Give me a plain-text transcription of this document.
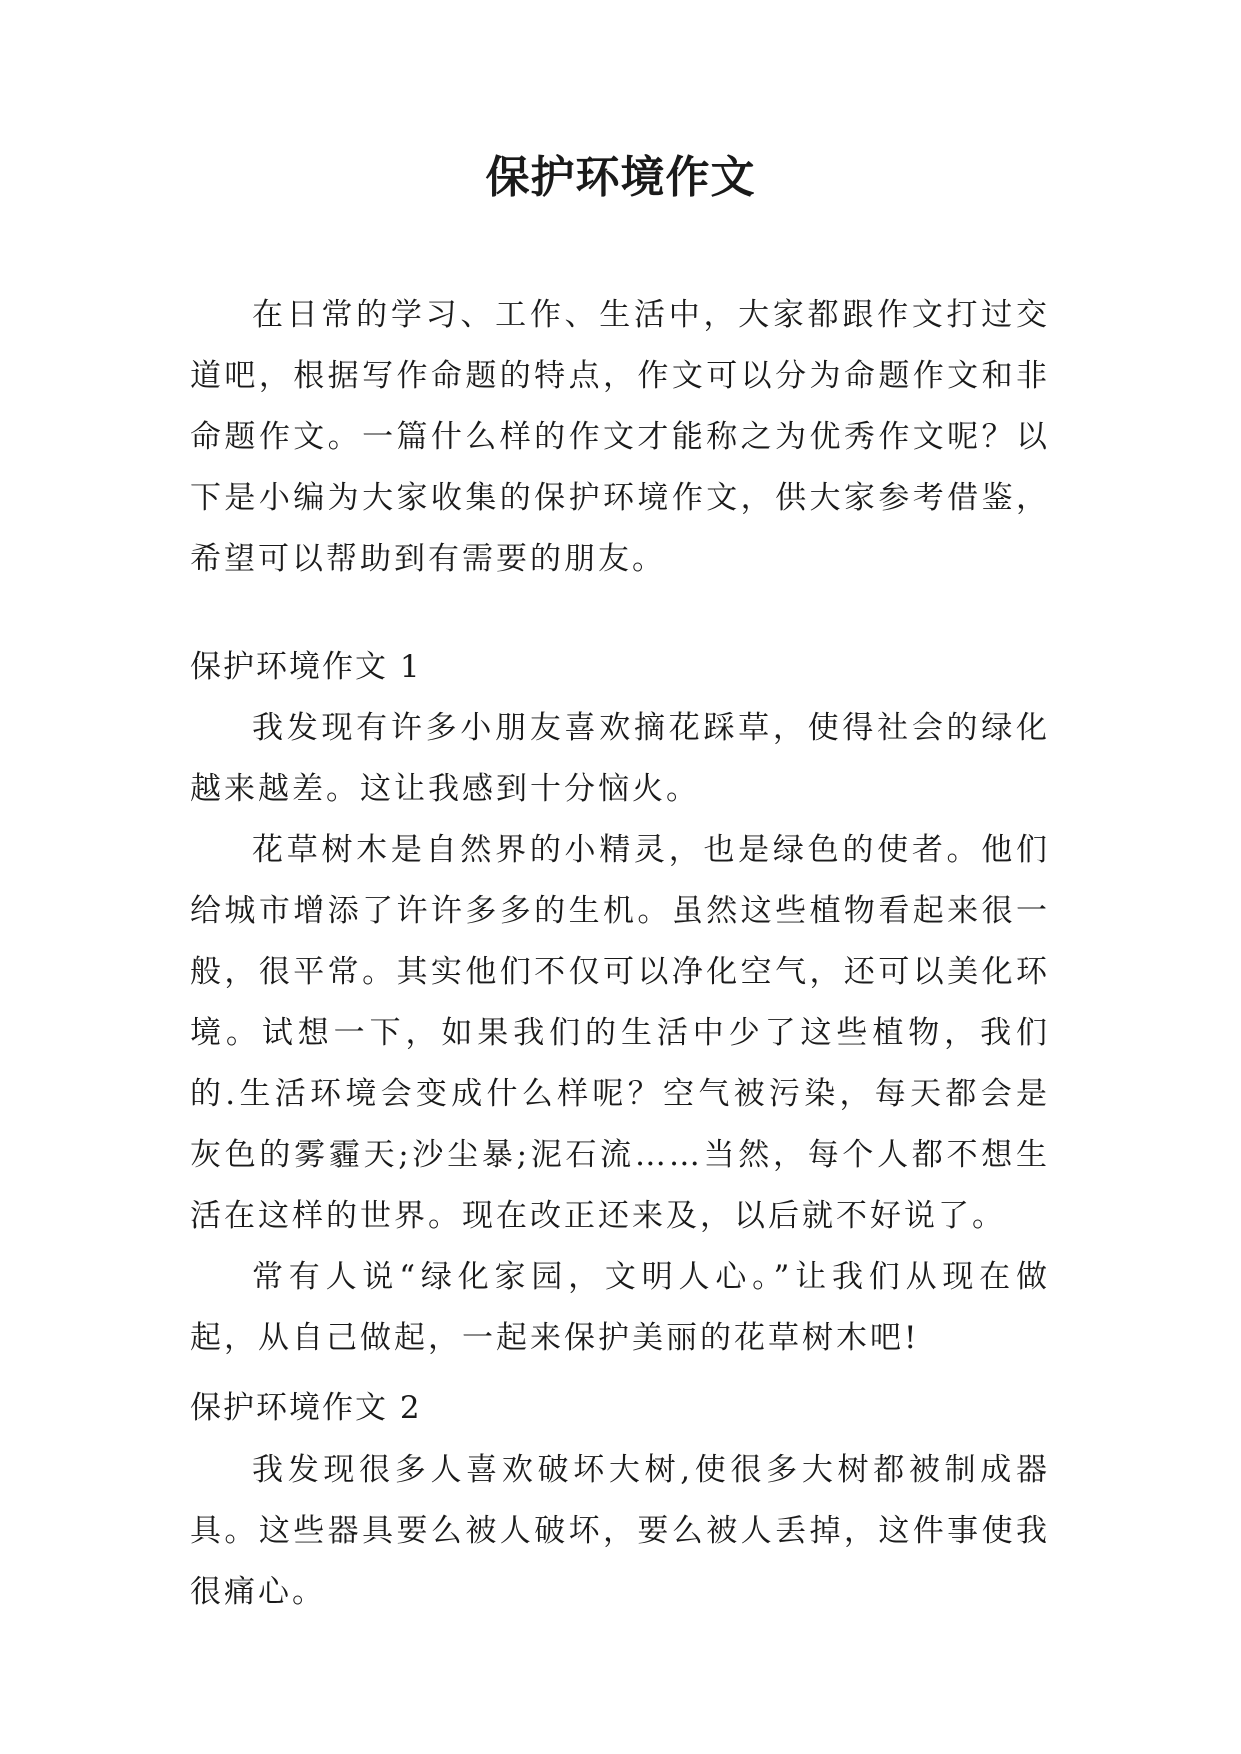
保护环境作文

在日常的学习、工作、生活中，大家都跟作文打过交道吧，根据写作命题的特点，作文可以分为命题作文和非命题作文。一篇什么样的作文才能称之为优秀作文呢？以下是小编为大家收集的保护环境作文，供大家参考借鉴，希望可以帮助到有需要的朋友。

保护环境作文 1

我发现有许多小朋友喜欢摘花踩草，使得社会的绿化越来越差。这让我感到十分恼火。

花草树木是自然界的小精灵，也是绿色的使者。他们给城市增添了许许多多的生机。虽然这些植物看起来很一般，很平常。其实他们不仅可以净化空气，还可以美化环境。试想一下，如果我们的生活中少了这些植物，我们的.生活环境会变成什么样呢？空气被污染，每天都会是灰色的雾霾天;沙尘暴;泥石流……当然，每个人都不想生活在这样的世界。现在改正还来及，以后就不好说了。

常有人说“绿化家园，文明人心。”让我们从现在做起，从自己做起，一起来保护美丽的花草树木吧!

保护环境作文 2

我发现很多人喜欢破坏大树,使很多大树都被制成器具。这些器具要么被人破坏，要么被人丢掉，这件事使我很痛心。
